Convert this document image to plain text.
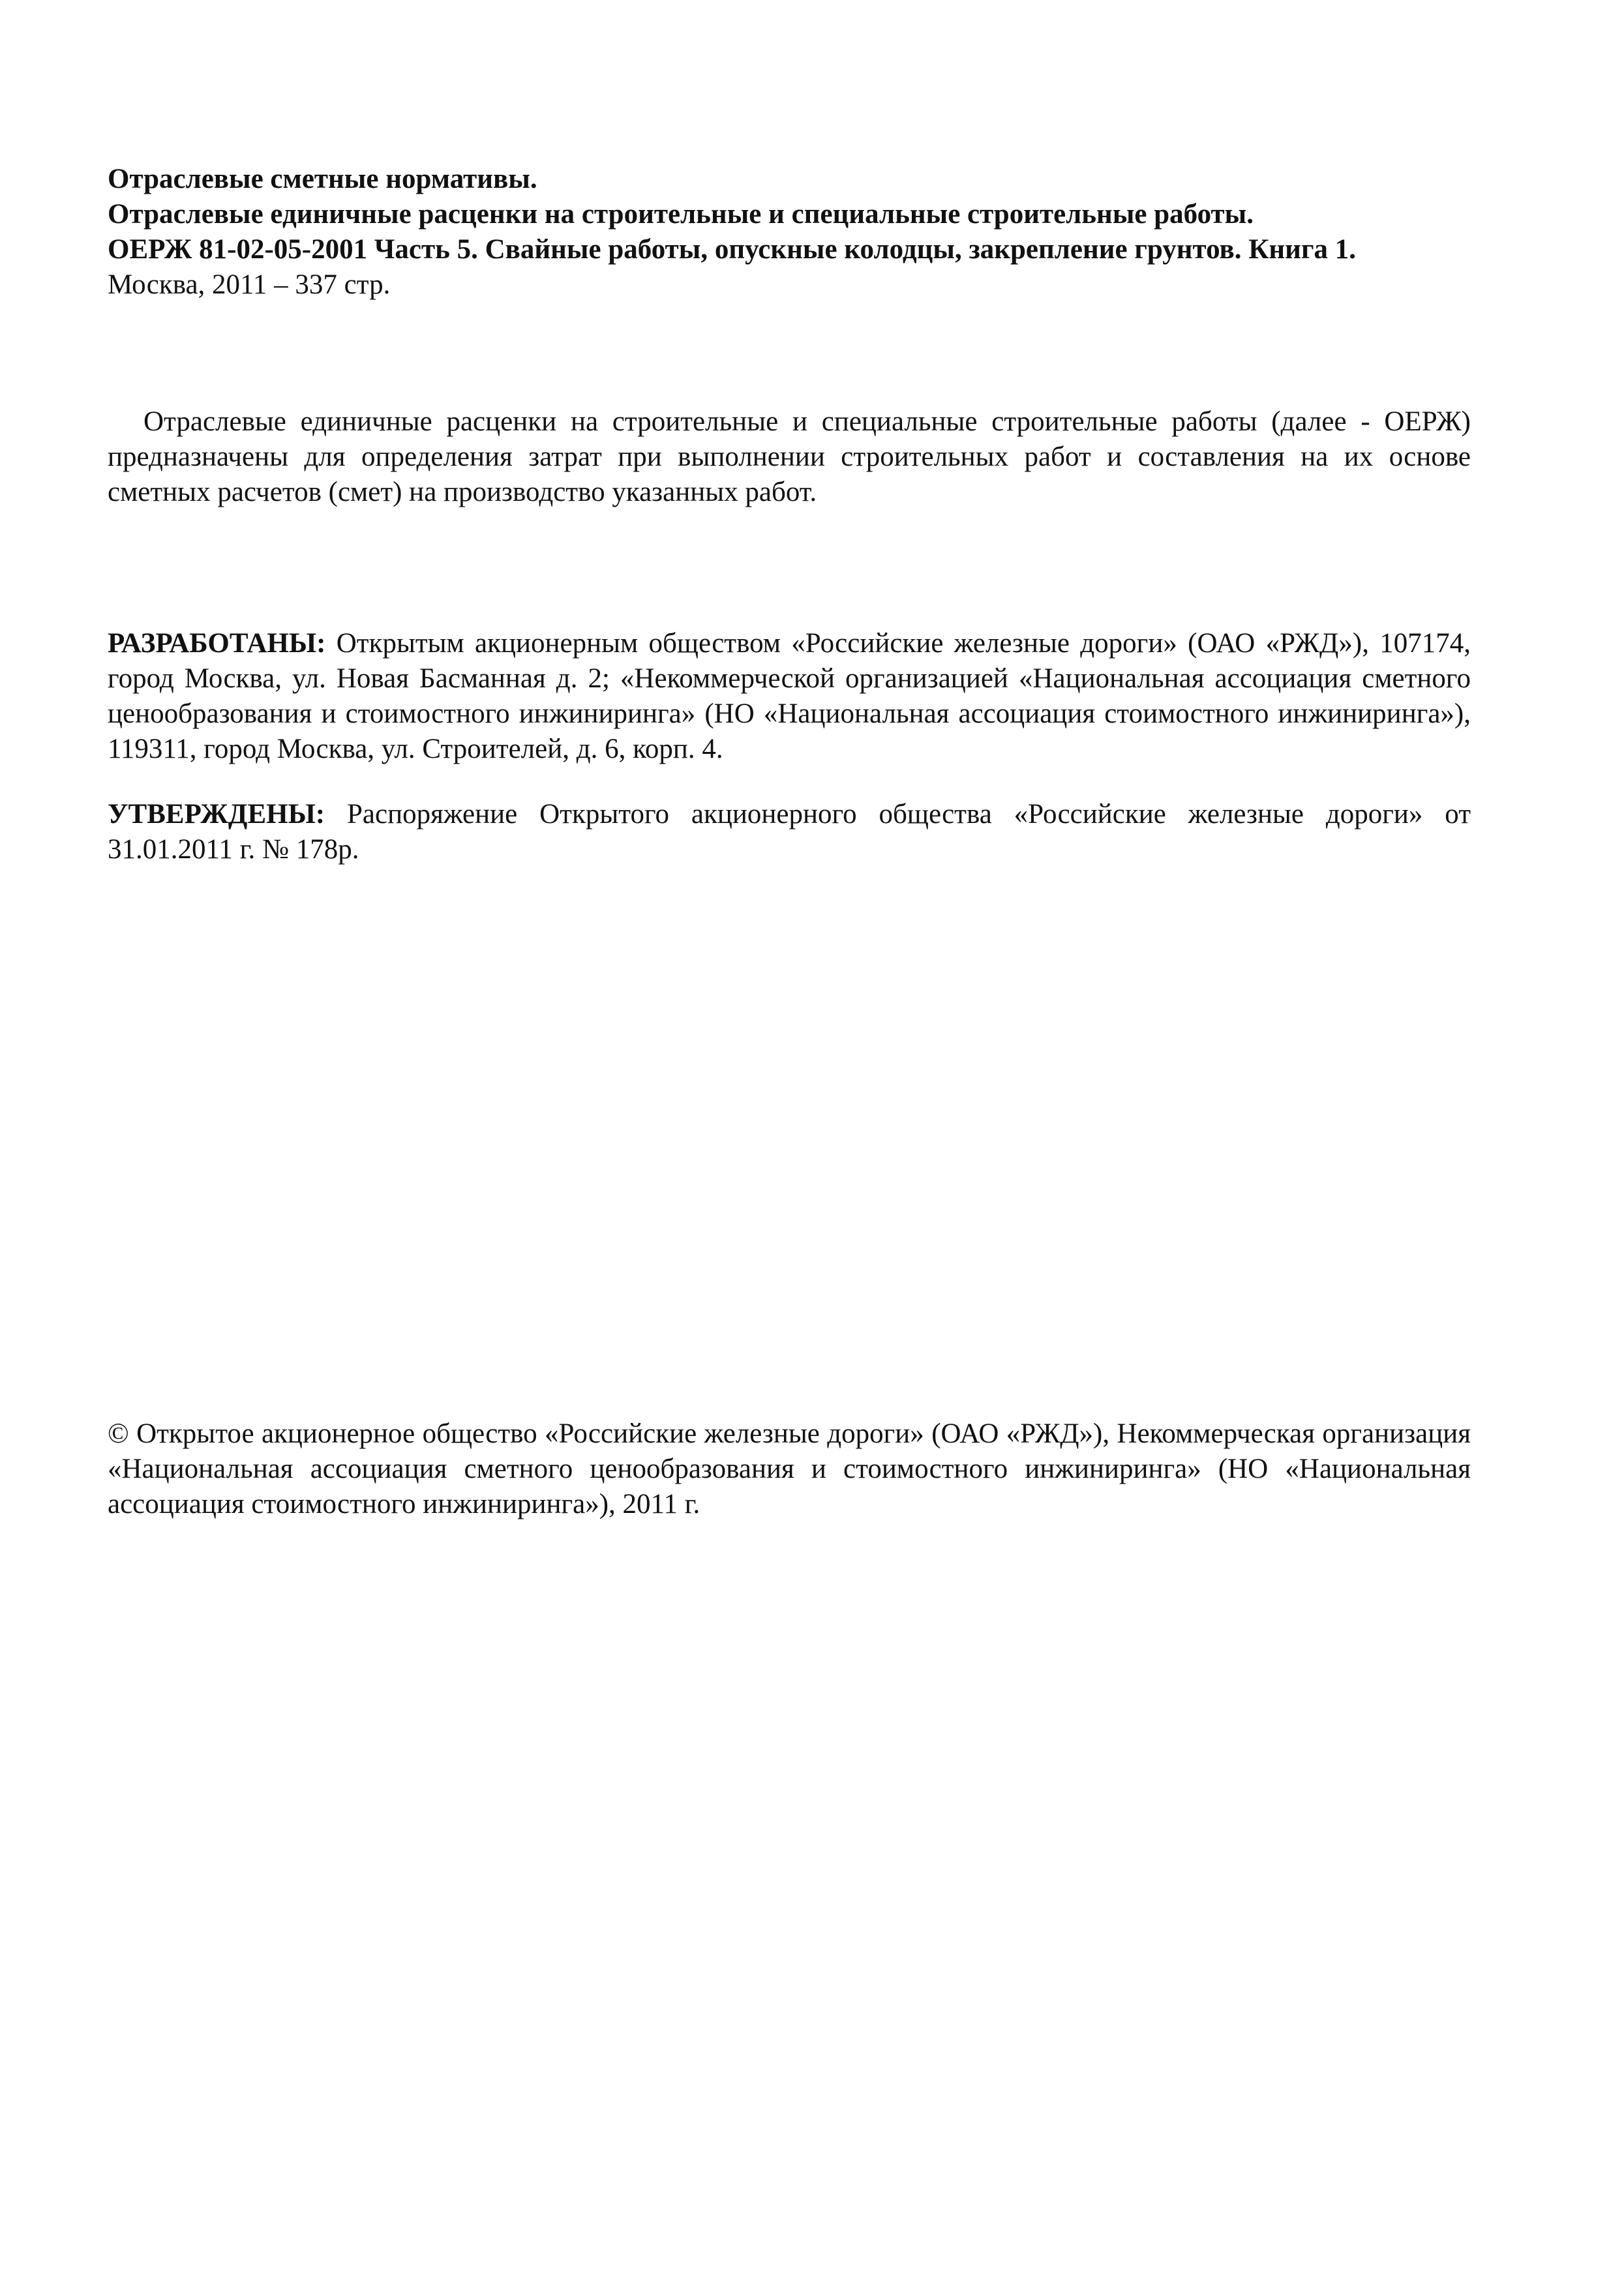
Отраслевые сметные нормативы.
Отраслевые единичные расценки на строительные и специальные строительные работы.
ОЕРЖ 81-02-05-2001 Часть 5. Свайные работы, опускные колодцы, закрепление грунтов. Книга 1.
Москва, 2011 – 337 стр.

Отраслевые единичные расценки на строительные и специальные строительные работы (далее - ОЕРЖ) предназначены для определения затрат при выполнении строительных работ и составления на их основе сметных расчетов (смет) на производство указанных работ.

РАЗРАБОТАНЫ: Открытым акционерным обществом «Российские железные дороги» (ОАО «РЖД»), 107174, город Москва, ул. Новая Басманная д. 2; «Некоммерческой организацией «Национальная ассоциация сметного ценообразования и стоимостного инжиниринга» (НО «Национальная ассоциация стоимостного инжиниринга»), 119311, город Москва, ул. Строителей, д. 6, корп. 4.

УТВЕРЖДЕНЫ: Распоряжение Открытого акционерного общества «Российские железные дороги» от 31.01.2011 г. № 178р.

© Открытое акционерное общество «Российские железные дороги» (ОАО «РЖД»), Некоммерческая организация «Национальная ассоциация сметного ценообразования и стоимостного инжиниринга» (НО «Национальная ассоциация стоимостного инжиниринга»), 2011 г.
